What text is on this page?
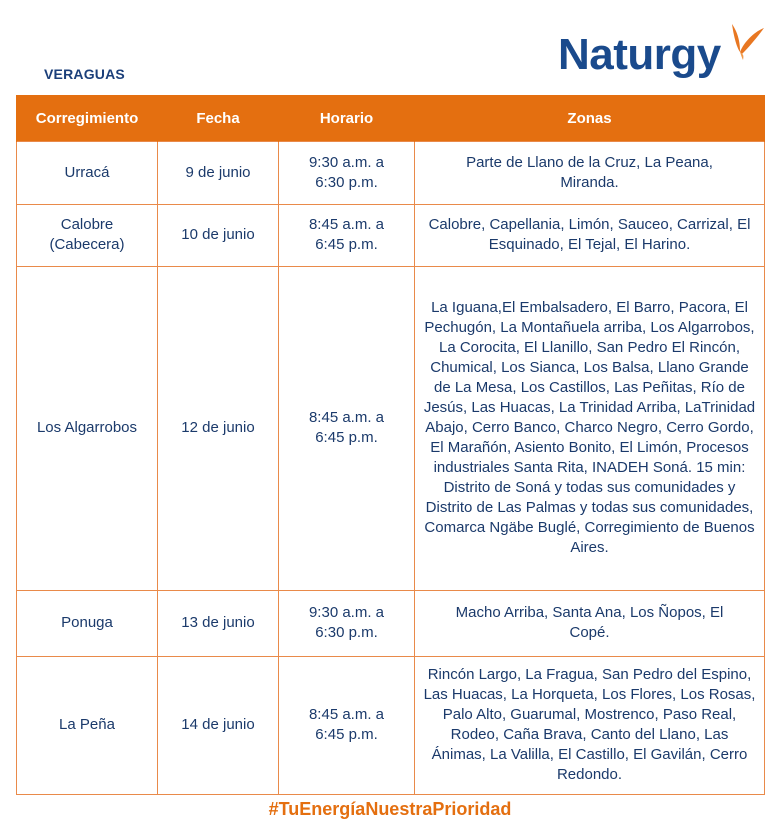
VERAGUAS	Naturgy
Corregimiento	Fecha	Horario	Zonas
Urracá	9 de junio	9:30 a.m. a 6:30 p.m.	Parte de Llano de la Cruz, La Peana, Miranda.
Calobre (Cabecera)	10 de junio	8:45 a.m. a 6:45 p.m.	Calobre, Capellania, Limón, Sauceo, Carrizal, El Esquinado, El Tejal, El Harino.
Los Algarrobos	12 de junio	8:45 a.m. a 6:45 p.m.	La Iguana,El Embalsadero, El Barro, Pacora, El Pechugón, La Montañuela arriba, Los Algarrobos, La Corocita, El Llanillo, San Pedro El Rincón, Chumical, Los Sianca, Los Balsa, Llano Grande de La Mesa, Los Castillos, Las Peñitas, Río de Jesús, Las Huacas, La Trinidad Arriba, LaTrinidad Abajo, Cerro Banco, Charco Negro, Cerro Gordo, El Marañón, Asiento Bonito, El Limón, Procesos industriales Santa Rita, INADEH Soná. 15 min: Distrito de Soná y todas sus comunidades y Distrito de Las Palmas y todas sus comunidades, Comarca Ngäbe Buglé, Corregimiento de Buenos Aires.
Ponuga	13 de junio	9:30 a.m. a 6:30 p.m.	Macho Arriba, Santa Ana, Los Ñopos, El Copé.
La Peña	14 de junio	8:45 a.m. a 6:45 p.m.	Rincón Largo, La Fragua, San Pedro del Espino, Las Huacas, La Horqueta, Los Flores, Los Rosas, Palo Alto, Guarumal, Mostrenco, Paso Real, Rodeo, Caña Brava, Canto del Llano, Las Ánimas, La Valilla, El Castillo, El Gavilán, Cerro Redondo.
#TuEnergíaNuestraPrioridad
